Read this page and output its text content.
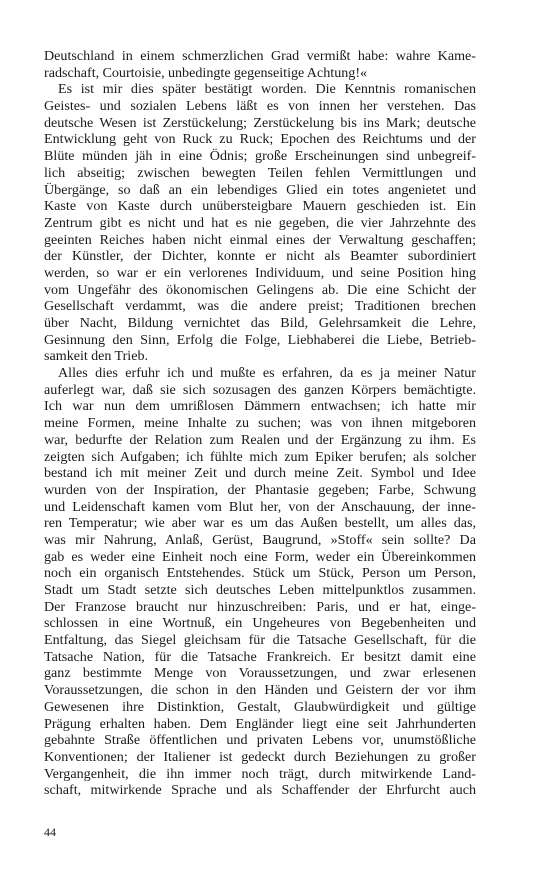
Deutschland in einem schmerzlichen Grad vermißt habe: wahre Kame-
radschaft, Courtoisie, unbedingte gegenseitige Achtung!«
Es ist mir dies später bestätigt worden. Die Kenntnis romanischen
Geistes- und sozialen Lebens läßt es von innen her verstehen. Das
deutsche Wesen ist Zerstückelung; Zerstückelung bis ins Mark; deutsche
Entwicklung geht von Ruck zu Ruck; Epochen des Reichtums und der
Blüte münden jäh in eine Ödnis; große Erscheinungen sind unbegreif-
lich abseitig; zwischen bewegten Teilen fehlen Vermittlungen und
Übergänge, so daß an ein lebendiges Glied ein totes angenietet und
Kaste von Kaste durch unübersteigbare Mauern geschieden ist. Ein
Zentrum gibt es nicht und hat es nie gegeben, die vier Jahrzehnte des
geeinten Reiches haben nicht einmal eines der Verwaltung geschaffen;
der Künstler, der Dichter, konnte er nicht als Beamter subordiniert
werden, so war er ein verlorenes Individuum, und seine Position hing
vom Ungefähr des ökonomischen Gelingens ab. Die eine Schicht der
Gesellschaft verdammt, was die andere preist; Traditionen brechen
über Nacht, Bildung vernichtet das Bild, Gelehrsamkeit die Lehre,
Gesinnung den Sinn, Erfolg die Folge, Liebhaberei die Liebe, Betrieb-
samkeit den Trieb.
Alles dies erfuhr ich und mußte es erfahren, da es ja meiner Natur
auferlegt war, daß sie sich sozusagen des ganzen Körpers bemächtigte.
Ich war nun dem umrißlosen Dämmern entwachsen; ich hatte mir
meine Formen, meine Inhalte zu suchen; was von ihnen mitgeboren
war, bedurfte der Relation zum Realen und der Ergänzung zu ihm. Es
zeigten sich Aufgaben; ich fühlte mich zum Epiker berufen; als solcher
bestand ich mit meiner Zeit und durch meine Zeit. Symbol und Idee
wurden von der Inspiration, der Phantasie gegeben; Farbe, Schwung
und Leidenschaft kamen vom Blut her, von der Anschauung, der inne-
ren Temperatur; wie aber war es um das Außen bestellt, um alles das,
was mir Nahrung, Anlaß, Gerüst, Baugrund, »Stoff« sein sollte? Da
gab es weder eine Einheit noch eine Form, weder ein Übereinkommen
noch ein organisch Entstehendes. Stück um Stück, Person um Person,
Stadt um Stadt setzte sich deutsches Leben mittelpunktlos zusammen.
Der Franzose braucht nur hinzuschreiben: Paris, und er hat, einge-
schlossen in eine Wortnuß, ein Ungeheures von Begebenheiten und
Entfaltung, das Siegel gleichsam für die Tatsache Gesellschaft, für die
Tatsache Nation, für die Tatsache Frankreich. Er besitzt damit eine
ganz bestimmte Menge von Voraussetzungen, und zwar erlesenen
Voraussetzungen, die schon in den Händen und Geistern der vor ihm
Gewesenen ihre Distinktion, Gestalt, Glaubwürdigkeit und gültige
Prägung erhalten haben. Dem Engländer liegt eine seit Jahrhunderten
gebahnte Straße öffentlichen und privaten Lebens vor, unumstößliche
Konventionen; der Italiener ist gedeckt durch Beziehungen zu großer
Vergangenheit, die ihn immer noch trägt, durch mitwirkende Land-
schaft, mitwirkende Sprache und als Schaffender der Ehrfurcht auch
44
